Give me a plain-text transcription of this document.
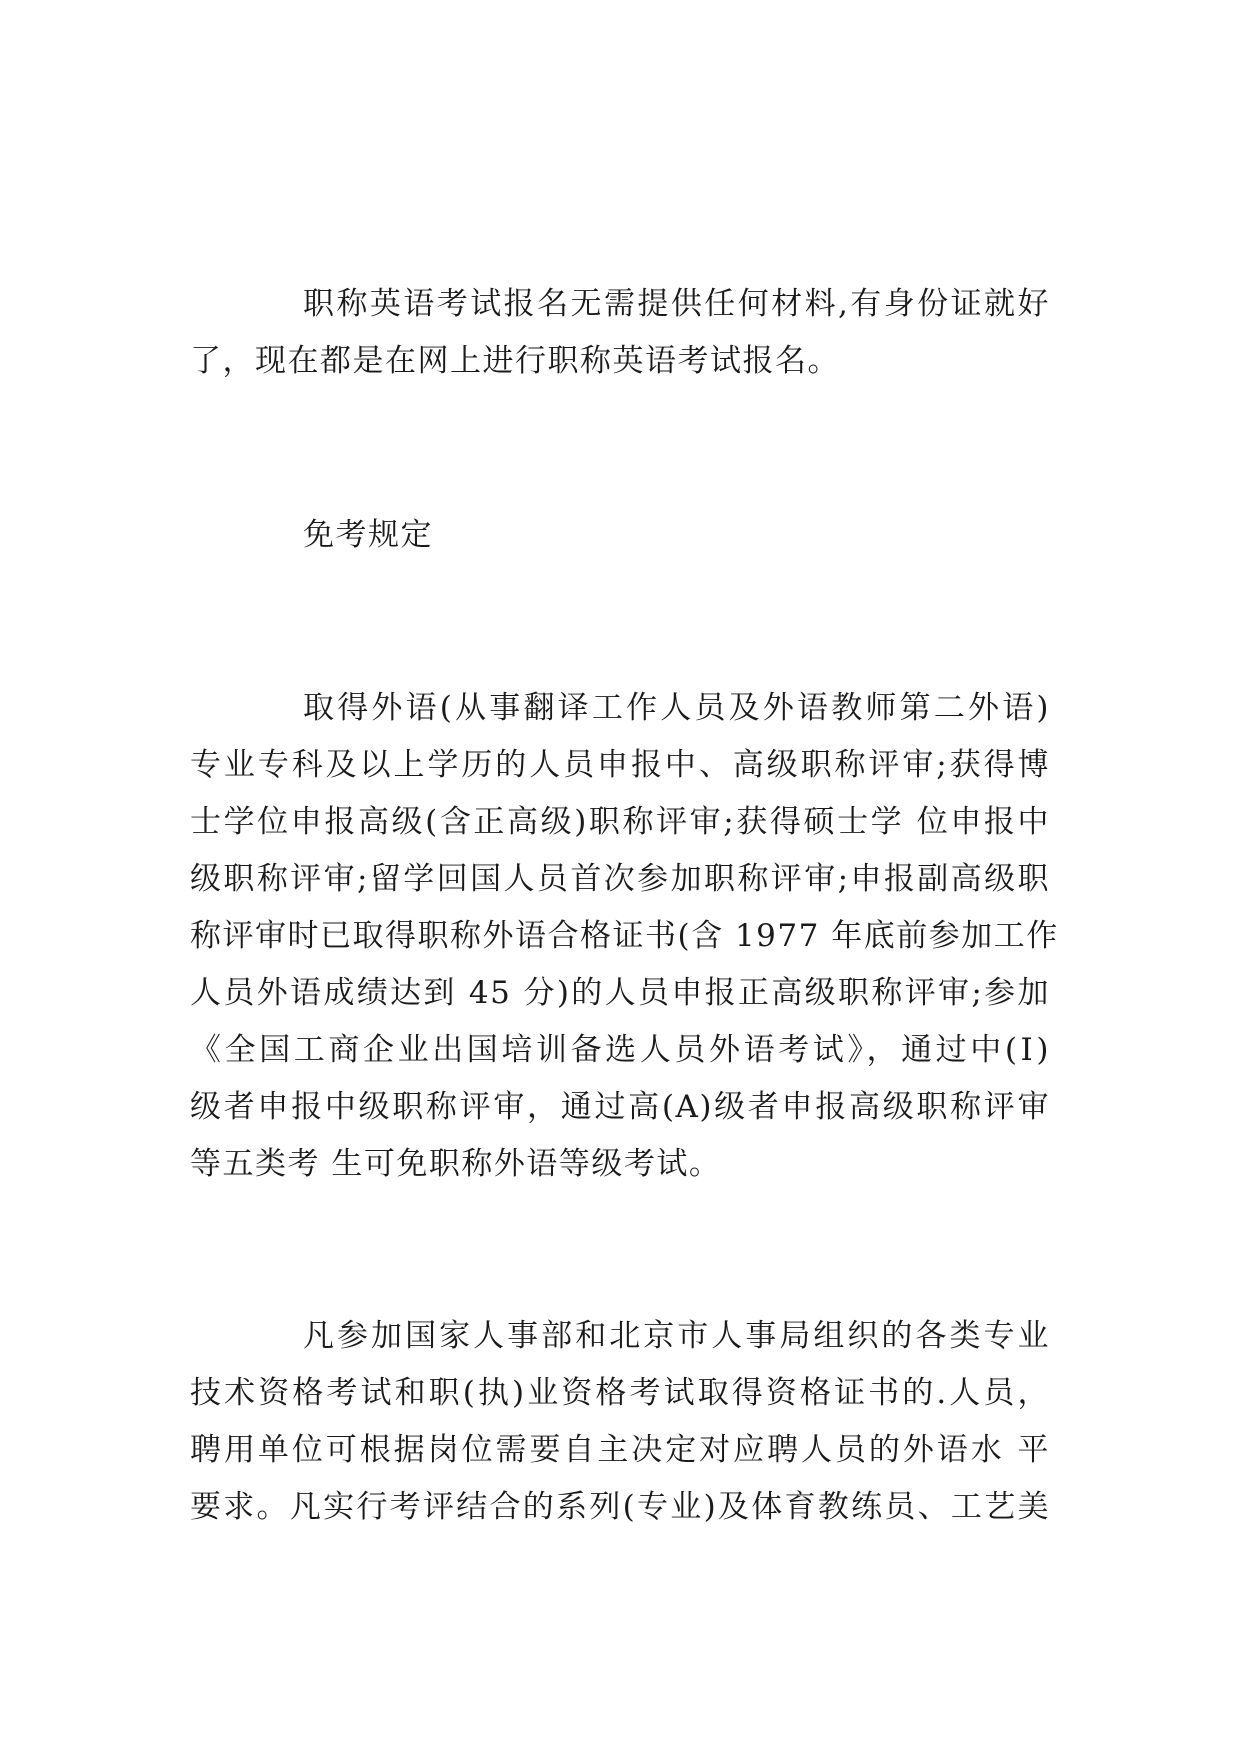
职称英语考试报名无需提供任何材料,有身份证就好

了，现在都是在网上进行职称英语考试报名。

免考规定

取得外语(从事翻译工作人员及外语教师第二外语)

专业专科及以上学历的人员申报中、高级职称评审;获得博

士学位申报高级(含正高级)职称评审;获得硕士学 位申报中

级职称评审;留学回国人员首次参加职称评审;申报副高级职

称评审时已取得职称外语合格证书(含 1977 年底前参加工作

人员外语成绩达到 45 分)的人员申报正高级职称评审;参加

《全国工商企业出国培训备选人员外语考试》，通过中(Ⅰ)

级者申报中级职称评审，通过高(A)级者申报高级职称评审

等五类考 生可免职称外语等级考试。

凡参加国家人事部和北京市人事局组织的各类专业

技术资格考试和职(执)业资格考试取得资格证书的.人员，

聘用单位可根据岗位需要自主决定对应聘人员的外语水 平

要求。凡实行考评结合的系列(专业)及体育教练员、工艺美
